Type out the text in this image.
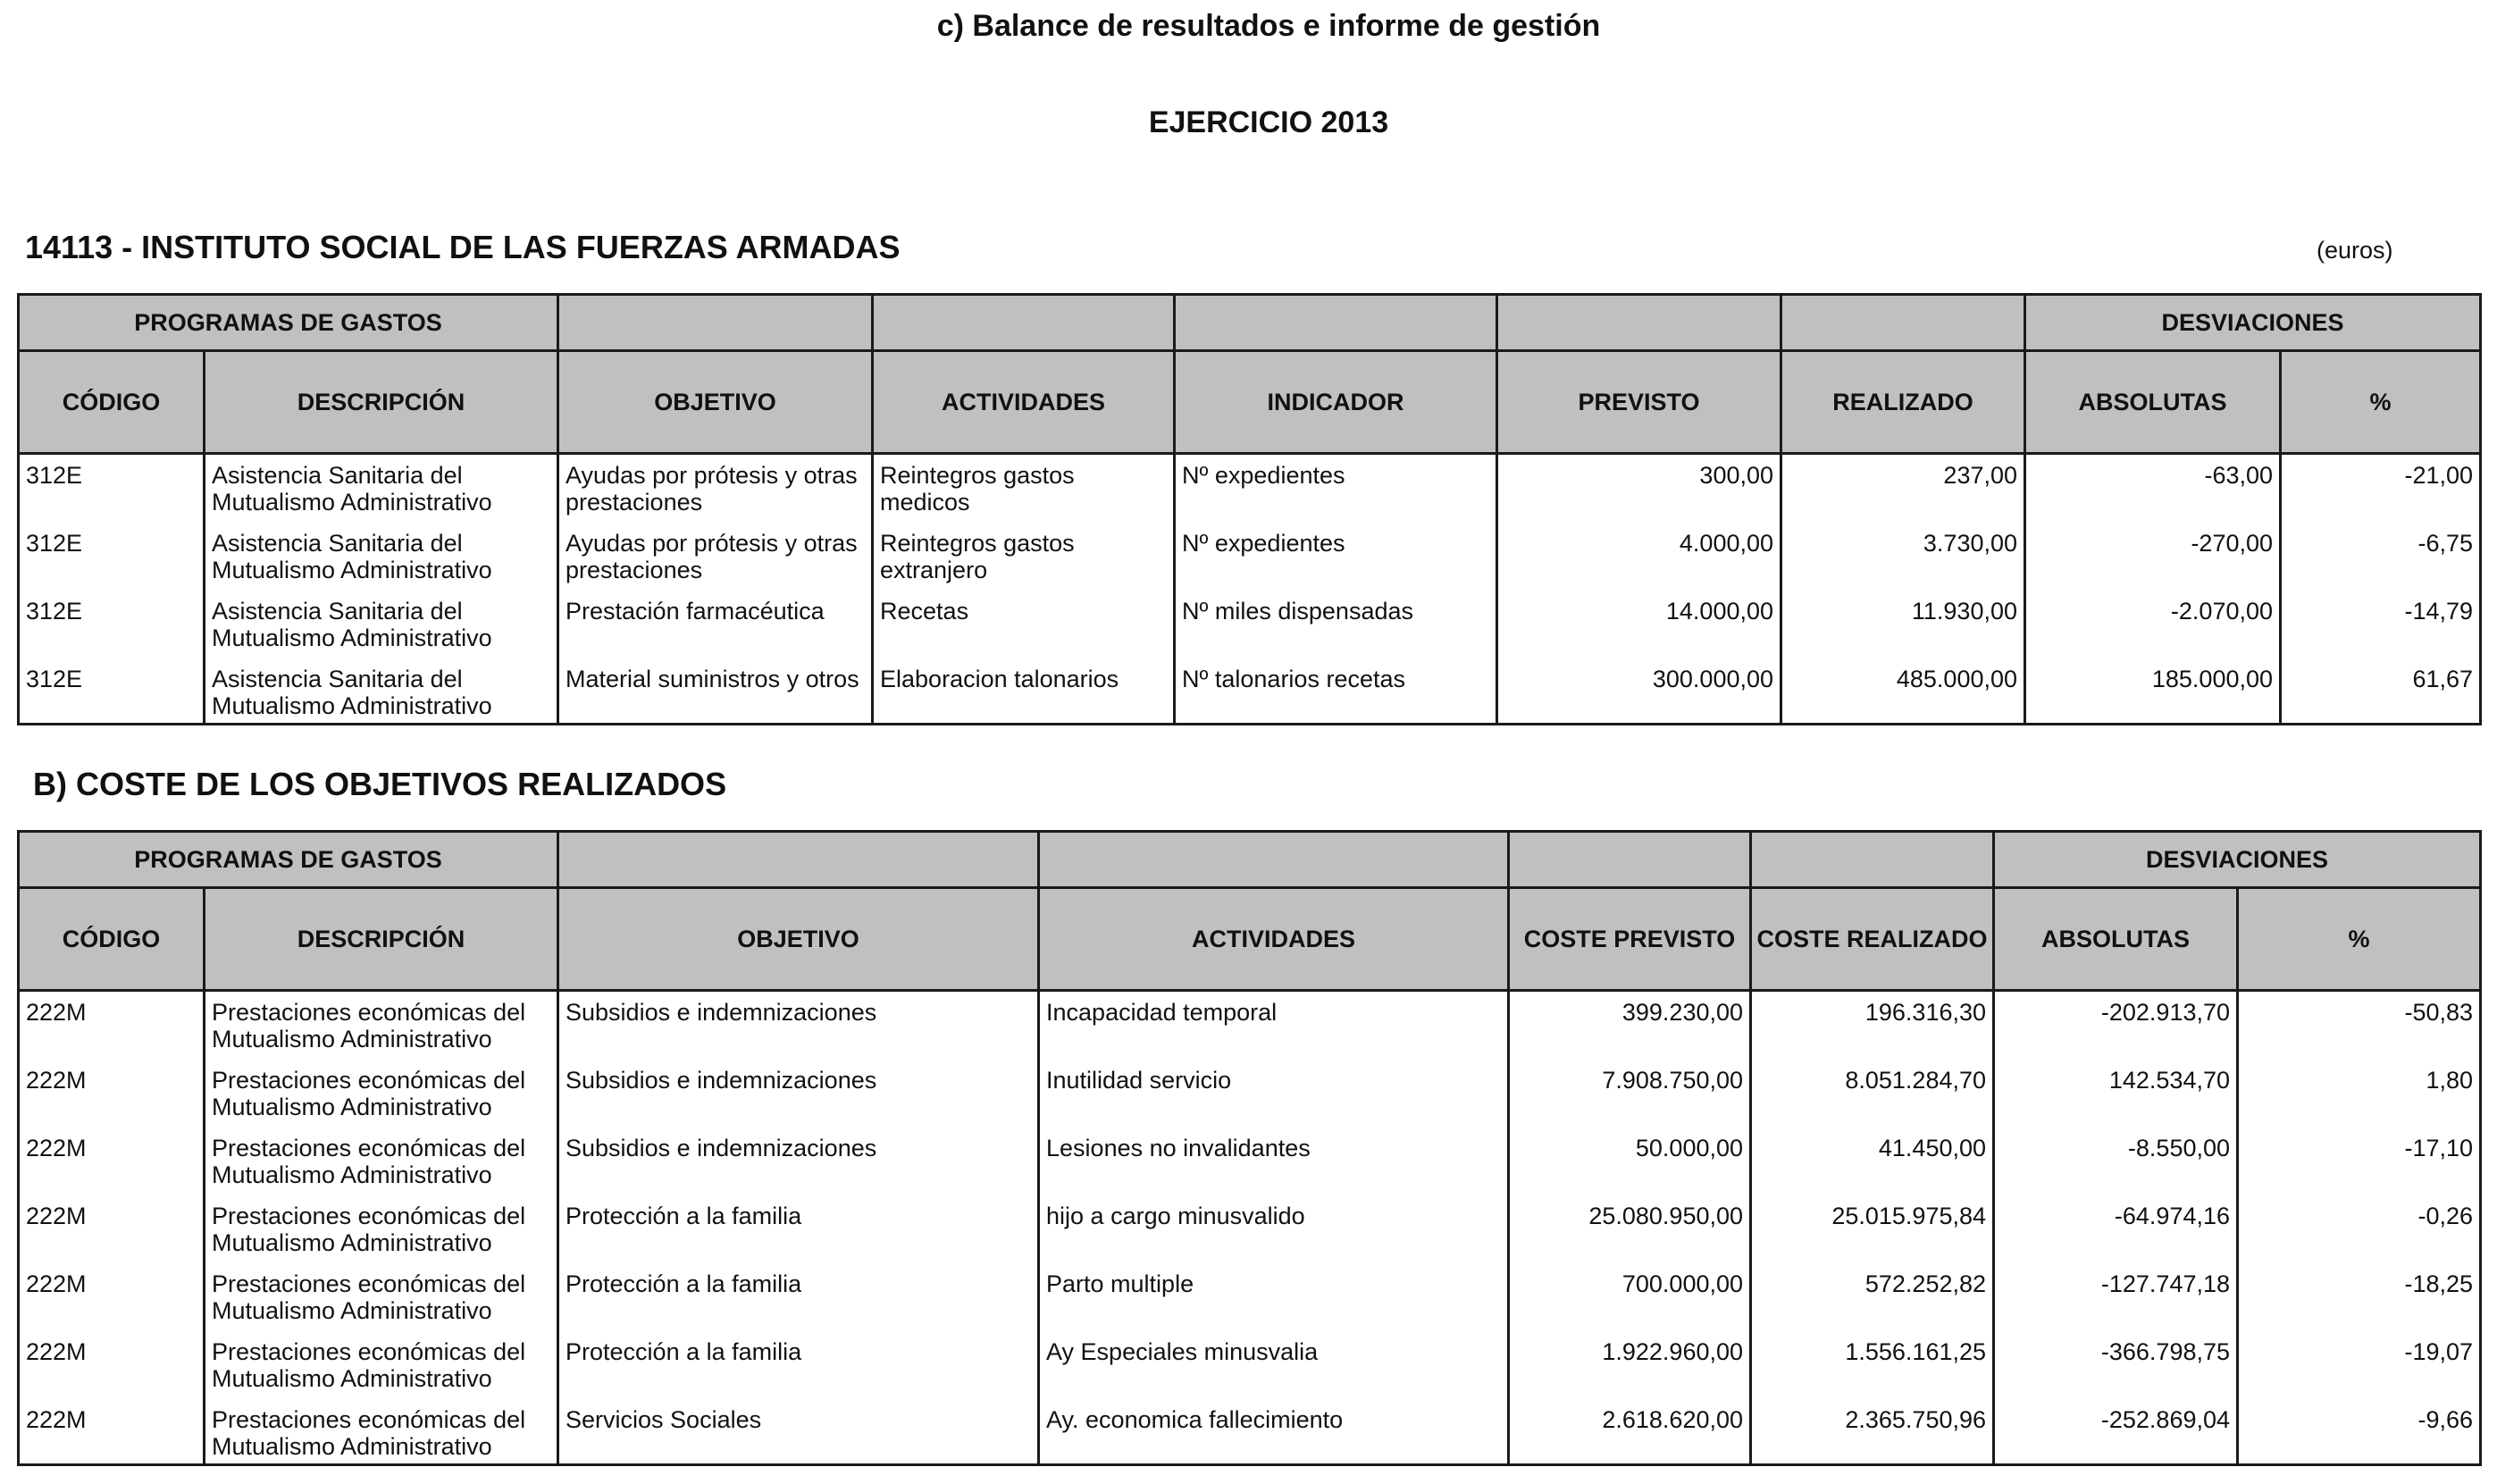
c) Balance de resultados e informe de gestión
EJERCICIO 2013
14113 - INSTITUTO SOCIAL DE LAS FUERZAS ARMADAS	(euros)
PROGRAMAS DE GASTOS							DESVIACIONES	
CÓDIGO	DESCRIPCIÓN	OBJETIVO	ACTIVIDADES	INDICADOR	PREVISTO	REALIZADO	ABSOLUTAS	%
312E	Asistencia Sanitaria del Mutualismo Administrativo	Ayudas por prótesis y otras prestaciones	Reintegros gastos medicos	Nº expedientes	300,00	237,00	-63,00	-21,00
312E	Asistencia Sanitaria del Mutualismo Administrativo	Ayudas por prótesis y otras prestaciones	Reintegros gastos extranjero	Nº expedientes	4.000,00	3.730,00	-270,00	-6,75
312E	Asistencia Sanitaria del Mutualismo Administrativo	Prestación farmacéutica	Recetas	Nº miles dispensadas	14.000,00	11.930,00	-2.070,00	-14,79
312E	Asistencia Sanitaria del Mutualismo Administrativo	Material suministros y otros	Elaboracion talonarios	Nº talonarios recetas	300.000,00	485.000,00	185.000,00	61,67
B) COSTE DE LOS OBJETIVOS REALIZADOS
PROGRAMAS DE GASTOS						DESVIACIONES	
CÓDIGO	DESCRIPCIÓN	OBJETIVO	ACTIVIDADES	COSTE PREVISTO	COSTE REALIZADO	ABSOLUTAS	%
222M	Prestaciones económicas del Mutualismo Administrativo	Subsidios e indemnizaciones	Incapacidad temporal	399.230,00	196.316,30	-202.913,70	-50,83
222M	Prestaciones económicas del Mutualismo Administrativo	Subsidios e indemnizaciones	Inutilidad servicio	7.908.750,00	8.051.284,70	142.534,70	1,80
222M	Prestaciones económicas del Mutualismo Administrativo	Subsidios e indemnizaciones	Lesiones no invalidantes	50.000,00	41.450,00	-8.550,00	-17,10
222M	Prestaciones económicas del Mutualismo Administrativo	Protección a la familia	hijo a cargo minusvalido	25.080.950,00	25.015.975,84	-64.974,16	-0,26
222M	Prestaciones económicas del Mutualismo Administrativo	Protección a la familia	Parto multiple	700.000,00	572.252,82	-127.747,18	-18,25
222M	Prestaciones económicas del Mutualismo Administrativo	Protección a la familia	Ay Especiales minusvalia	1.922.960,00	1.556.161,25	-366.798,75	-19,07
222M	Prestaciones económicas del Mutualismo Administrativo	Servicios Sociales	Ay. economica fallecimiento	2.618.620,00	2.365.750,96	-252.869,04	-9,66
